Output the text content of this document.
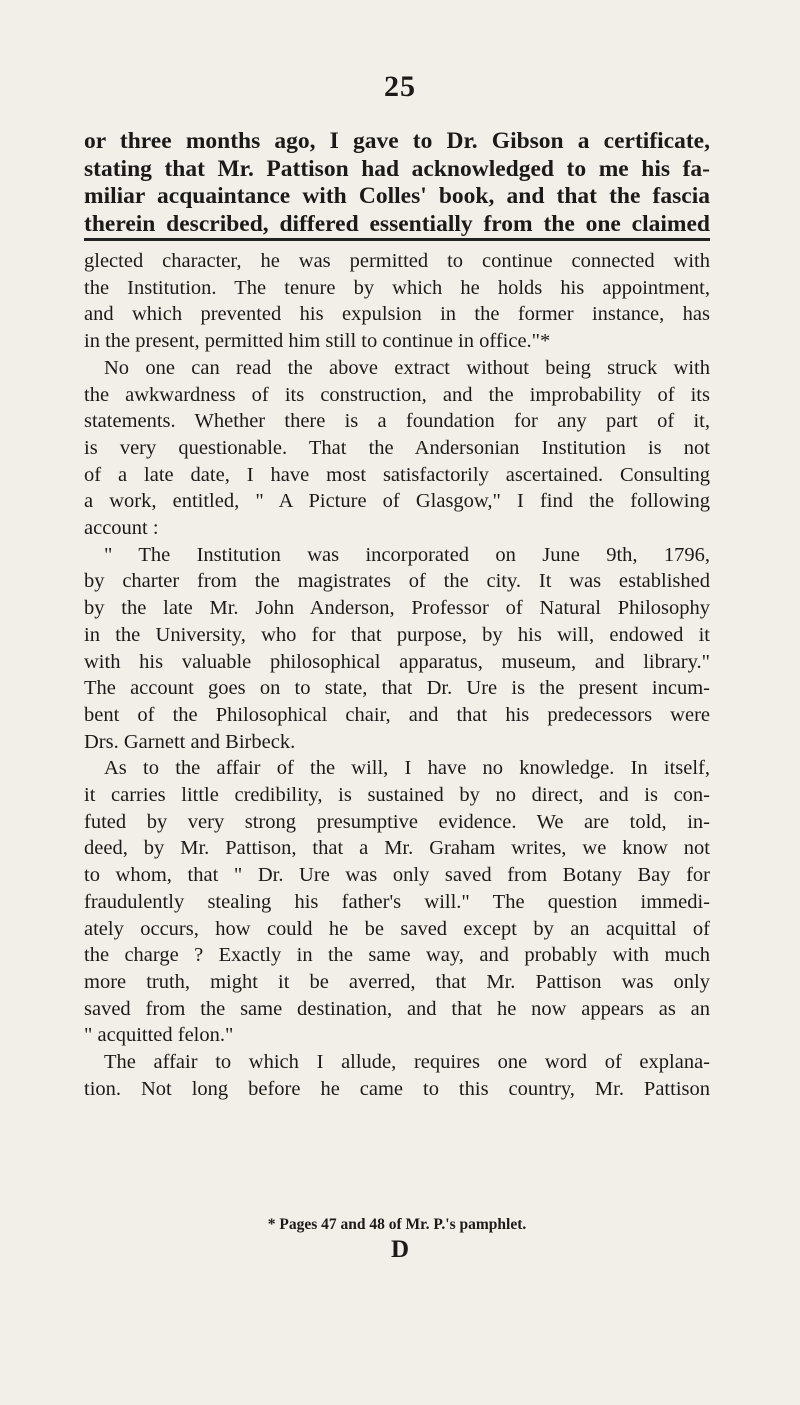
25
or three months ago, I gave to Dr. Gibson a certificate,
stating that Mr. Pattison had acknowledged to me his fa-
miliar acquaintance with Colles' book, and that the fascia
therein described, differed essentially from the one claimed
glected character, he was permitted to continue connected with
the Institution. The tenure by which he holds his appointment,
and which prevented his expulsion in the former instance, has
in the present, permitted him still to continue in office."*
No one can read the above extract without being struck with
the awkwardness of its construction, and the improbability of its
statements. Whether there is a foundation for any part of it,
is very questionable. That the Andersonian Institution is not
of a late date, I have most satisfactorily ascertained. Consulting
a work, entitled, " A Picture of Glasgow," I find the following
account :
" The Institution was incorporated on June 9th, 1796,
by charter from the magistrates of the city. It was established
by the late Mr. John Anderson, Professor of Natural Philosophy
in the University, who for that purpose, by his will, endowed it
with his valuable philosophical apparatus, museum, and library."
The account goes on to state, that Dr. Ure is the present incum-
bent of the Philosophical chair, and that his predecessors were
Drs. Garnett and Birbeck.
As to the affair of the will, I have no knowledge. In itself,
it carries little credibility, is sustained by no direct, and is con-
futed by very strong presumptive evidence. We are told, in-
deed, by Mr. Pattison, that a Mr. Graham writes, we know not
to whom, that " Dr. Ure was only saved from Botany Bay for
fraudulently stealing his father's will." The question immedi-
ately occurs, how could he be saved except by an acquittal of
the charge ? Exactly in the same way, and probably with much
more truth, might it be averred, that Mr. Pattison was only
saved from the same destination, and that he now appears as an
" acquitted felon."
The affair to which I allude, requires one word of explana-
tion. Not long before he came to this country, Mr. Pattison
* Pages 47 and 48 of Mr. P.'s pamphlet.
D
